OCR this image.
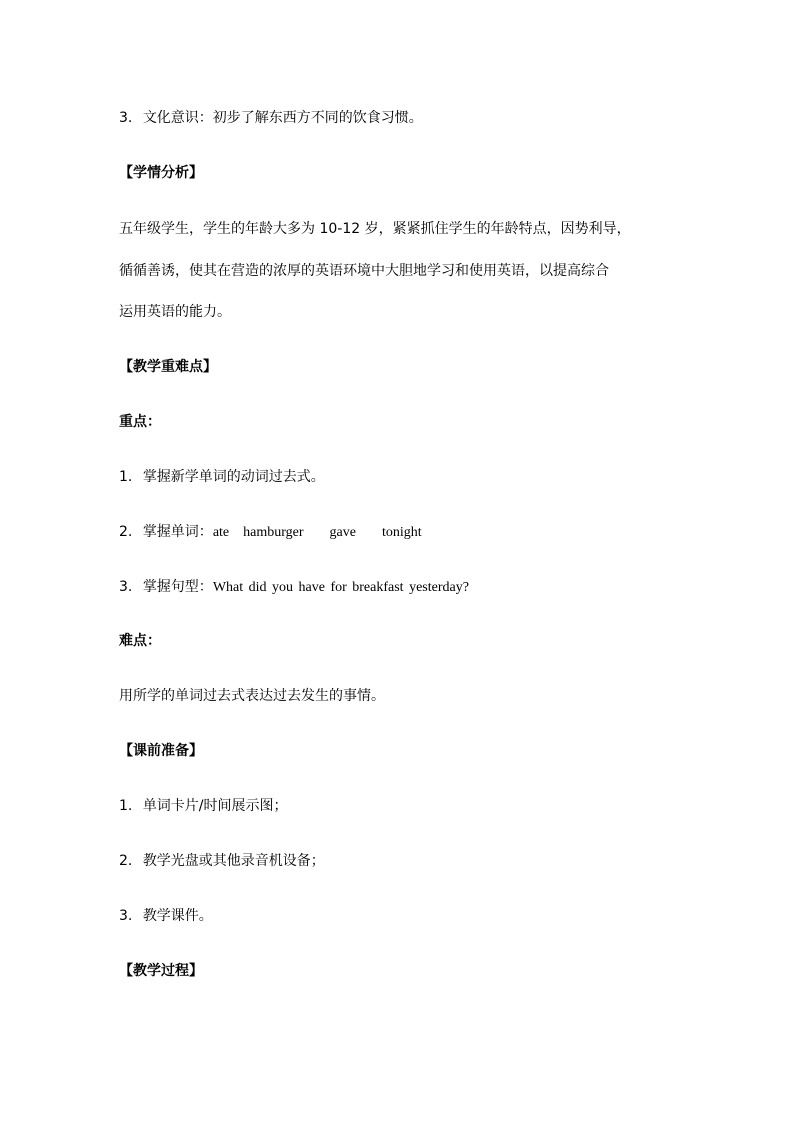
3. 文化意识：初步了解东西方不同的饮食习惯。
【学情分析】
五年级学生，学生的年龄大多为 10-12 岁，紧紧抓住学生的年龄特点，因势利导，
循循善诱，使其在营造的浓厚的英语环境中大胆地学习和使用英语，以提高综合
运用英语的能力。
【教学重难点】
重点：
1. 掌握新学单词的动词过去式。
2. 掌握单词：ate hamburger gave tonight
3. 掌握句型：What did you have for breakfast yesterday?
难点：
用所学的单词过去式表达过去发生的事情。
【课前准备】
1. 单词卡片/时间展示图；
2. 教学光盘或其他录音机设备；
3. 教学课件。
【教学过程】
